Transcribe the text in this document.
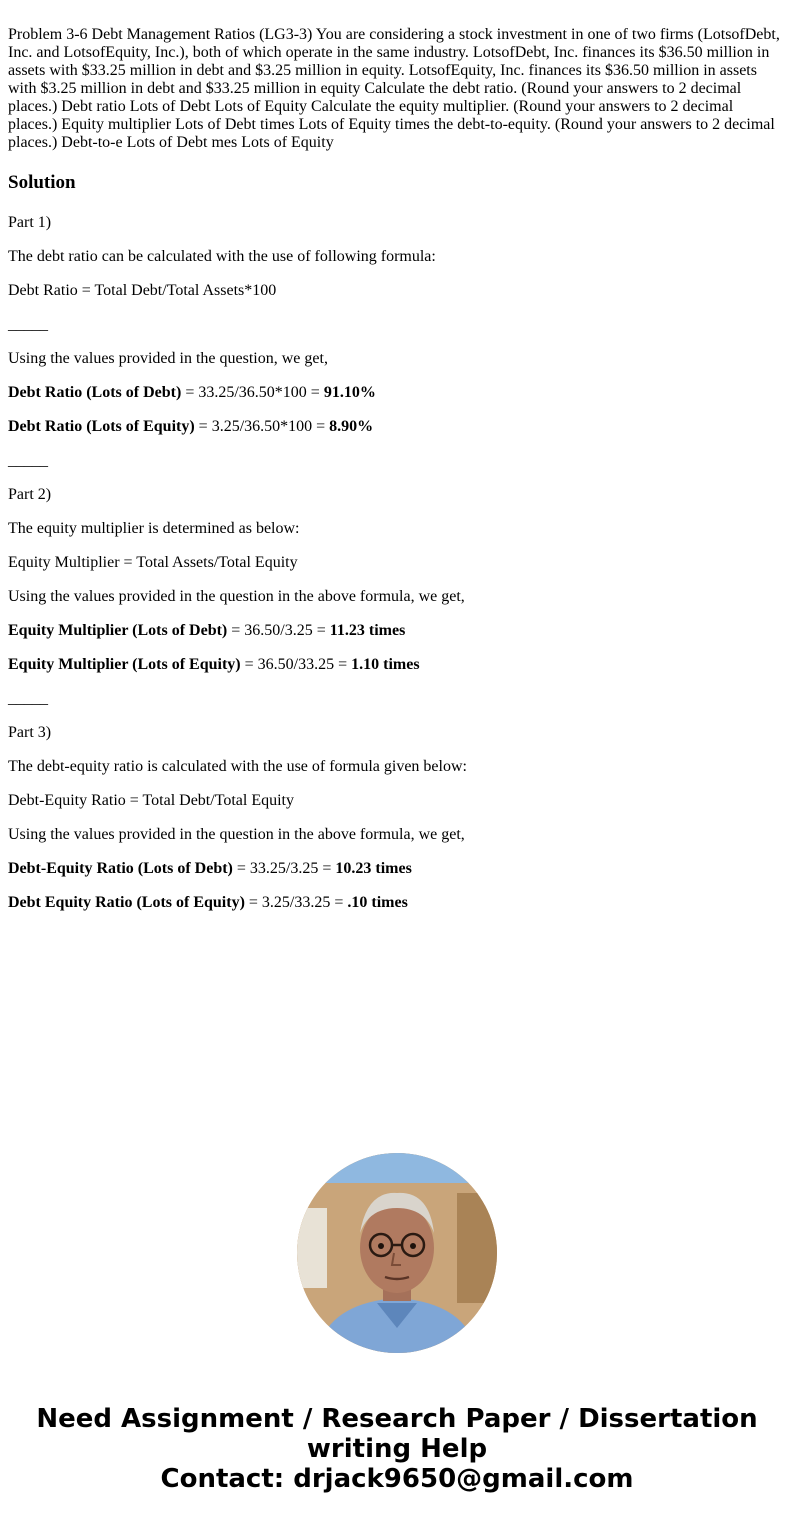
Problem 3-6 Debt Management Ratios (LG3-3) You are considering a stock investment in one of two firms (LotsofDebt, Inc. and LotsofEquity, Inc.), both of which operate in the same industry. LotsofDebt, Inc. finances its $36.50 million in assets with $33.25 million in debt and $3.25 million in equity. LotsofEquity, Inc. finances its $36.50 million in assets with $3.25 million in debt and $33.25 million in equity Calculate the debt ratio. (Round your answers to 2 decimal places.) Debt ratio Lots of Debt Lots of Equity Calculate the equity multiplier. (Round your answers to 2 decimal places.) Equity multiplier Lots of Debt times Lots of Equity times the debt-to-equity. (Round your answers to 2 decimal places.) Debt-to-e Lots of Debt mes Lots of Equity
Solution

Part 1)

The debt ratio can be calculated with the use of following formula:

Debt Ratio = Total Debt/Total Assets*100

_____

Using the values provided in the question, we get,

Debt Ratio (Lots of Debt) = 33.25/36.50*100 = 91.10%

Debt Ratio (Lots of Equity) = 3.25/36.50*100 = 8.90%

_____

Part 2)

The equity multiplier is determined as below:

Equity Multiplier = Total Assets/Total Equity

Using the values provided in the question in the above formula, we get,

Equity Multiplier (Lots of Debt) = 36.50/3.25 = 11.23 times

Equity Multiplier (Lots of Equity) = 36.50/33.25 = 1.10 times

_____

Part 3)

The debt-equity ratio is calculated with the use of formula given below:

Debt-Equity Ratio = Total Debt/Total Equity

Using the values provided in the question in the above formula, we get,

Debt-Equity Ratio (Lots of Debt) = 33.25/3.25 = 10.23 times

Debt Equity Ratio (Lots of Equity) = 3.25/33.25 = .10 times

Need Assignment / Research Paper / Dissertation
writing Help
Contact: drjack9650@gmail.com
